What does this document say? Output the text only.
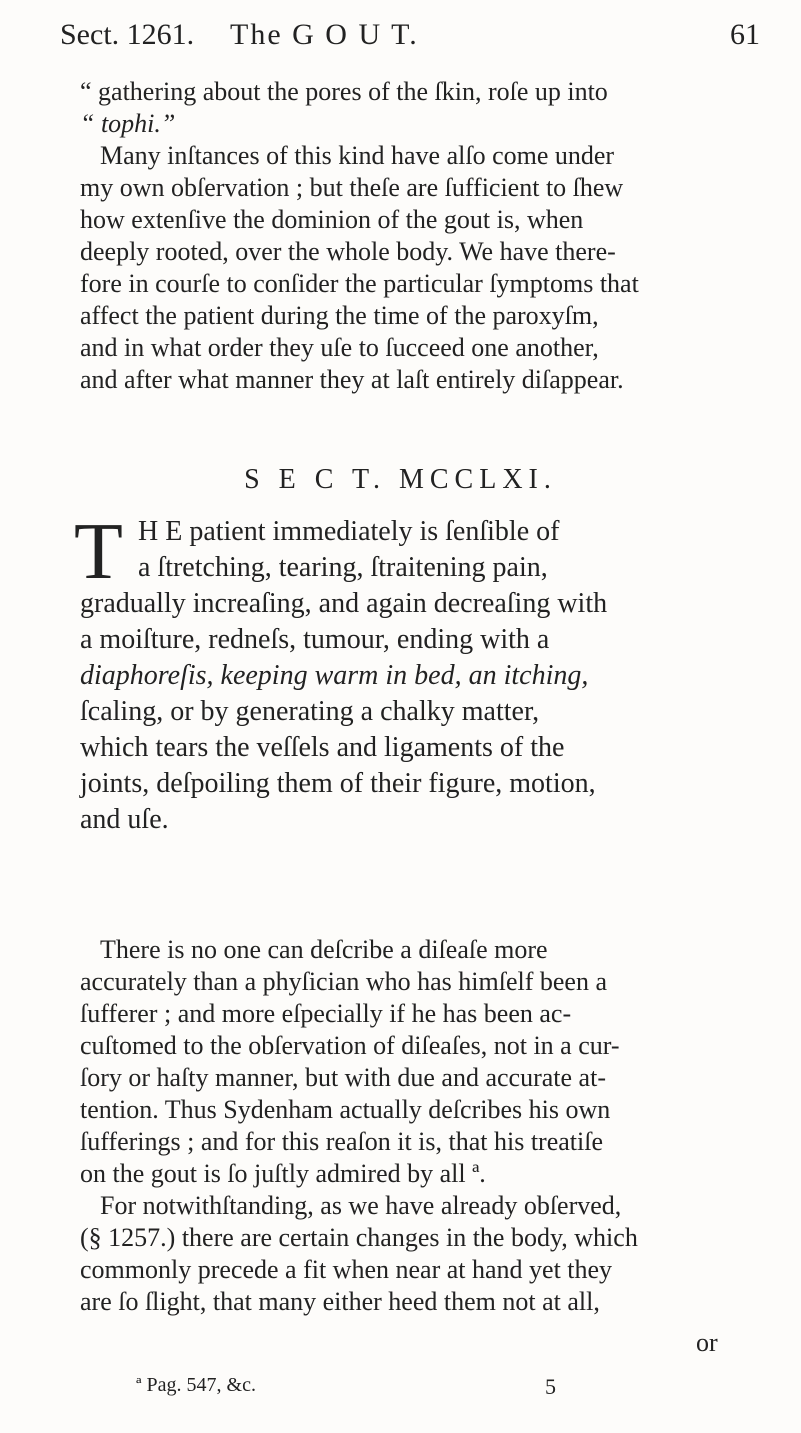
Sect. 1261. The G O U T.	61
“ gathering about the pores of the ſkin, roſe up into
“ tophi.”
Many inſtances of this kind have alſo come under
my own obſervation ; but theſe are ſufficient to ſhew
how extenſive the dominion of the gout is, when
deeply rooted, over the whole body. We have there-
fore in courſe to conſider the particular ſymptoms that
affect the patient during the time of the paroxyſm,
and in what order they uſe to ſucceed one another,
and after what manner they at laſt entirely diſappear.
S E C T. MCCLXI.
T H E patient immediately is ſenſible of
a ſtretching, tearing, ſtraitening pain,
gradually increaſing, and again decreaſing with
a moiſture, redneſs, tumour, ending with a
diaphoreſis, keeping warm in bed, an itching,
ſcaling, or by generating a chalky matter,
which tears the veſſels and ligaments of the
joints, deſpoiling them of their figure, motion,
and uſe.
There is no one can deſcribe a diſeaſe more
accurately than a phyſician who has himſelf been a
ſufferer ; and more eſpecially if he has been ac-
cuſtomed to the obſervation of diſeaſes, not in a cur-
ſory or haſty manner, but with due and accurate at-
tention. Thus Sydenham actually deſcribes his own
ſufferings ; and for this reaſon it is, that his treatiſe
on the gout is ſo juſtly admired by all ª.
For notwithſtanding, as we have already obſerved,
(§ 1257.) there are certain changes in the body, which
commonly precede a fit when near at hand yet they
are ſo ſlight, that many either heed them not at all,
or
ª Pag. 547, &c.	5
